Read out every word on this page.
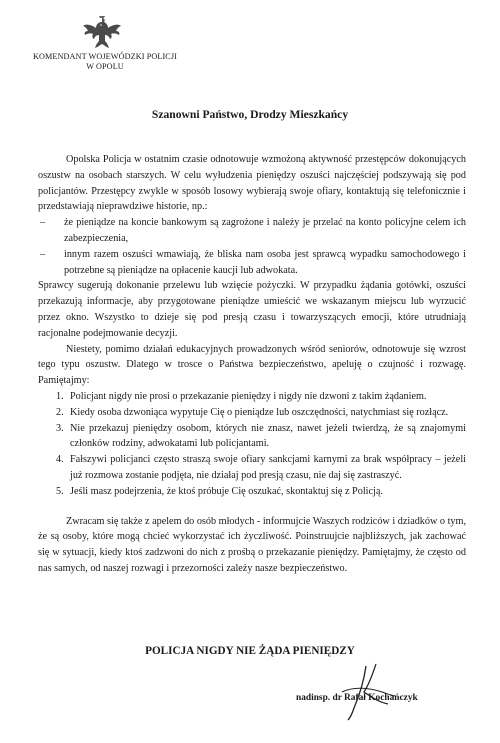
KOMENDANT WOJEWÓDZKI POLICJI
W OPOLU
Szanowni Państwo, Drodzy Mieszkańcy

Opolska Policja w ostatnim czasie odnotowuje wzmożoną aktywność przestępców dokonujących oszustw na osobach starszych. W celu wyłudzenia pieniędzy oszuści najczęściej podszywają się pod policjantów. Przestępcy zwykle w sposób losowy wybierają swoje ofiary, kontaktują się telefonicznie i przedstawiają nieprawdziwe historie, np.:

– że pieniądze na koncie bankowym są zagrożone i należy je przelać na konto policyjne celem ich zabezpieczenia,
– innym razem oszuści wmawiają, że bliska nam osoba jest sprawcą wypadku samochodowego i potrzebne są pieniądze na opłacenie kaucji lub adwokata.

Sprawcy sugerują dokonanie przelewu lub wzięcie pożyczki. W przypadku żądania gotówki, oszuści przekazują informacje, aby przygotowane pieniądze umieścić we wskazanym miejscu lub wyrzucić przez okno. Wszystko to dzieje się pod presją czasu i towarzyszących emocji, które utrudniają racjonalne podejmowanie decyzji.

Niestety, pomimo działań edukacyjnych prowadzonych wśród seniorów, odnotowuje się wzrost tego typu oszustw. Dlatego w trosce o Państwa bezpieczeństwo, apeluję o czujność i rozwagę. Pamiętajmy:

1. Policjant nigdy nie prosi o przekazanie pieniędzy i nigdy nie dzwoni z takim żądaniem.
2. Kiedy osoba dzwoniąca wypytuje Cię o pieniądze lub oszczędności, natychmiast się rozłącz.
3. Nie przekazuj pieniędzy osobom, których nie znasz, nawet jeżeli twierdzą, że są znajomymi członków rodziny, adwokatami lub policjantami.
4. Fałszywi policjanci często straszą swoje ofiary sankcjami karnymi za brak współpracy – jeżeli już rozmowa zostanie podjęta, nie działaj pod presją czasu, nie daj się zastraszyć.
5. Jeśli masz podejrzenia, że ktoś próbuje Cię oszukać, skontaktuj się z Policją.

Zwracam się także z apelem do osób młodych - informujcie Waszych rodziców i dziadków o tym, że są osoby, które mogą chcieć wykorzystać ich życzliwość. Poinstruujcie najbliższych, jak zachować się w sytuacji, kiedy ktoś zadzwoni do nich z prośbą o przekazanie pieniędzy. Pamiętajmy, że często od nas samych, od naszej rozwagi i przezorności zależy nasze bezpieczeństwo.

POLICJA NIGDY NIE ŻĄDA PIENIĘDZY
nadinsp. dr Rafał Kochańczyk
